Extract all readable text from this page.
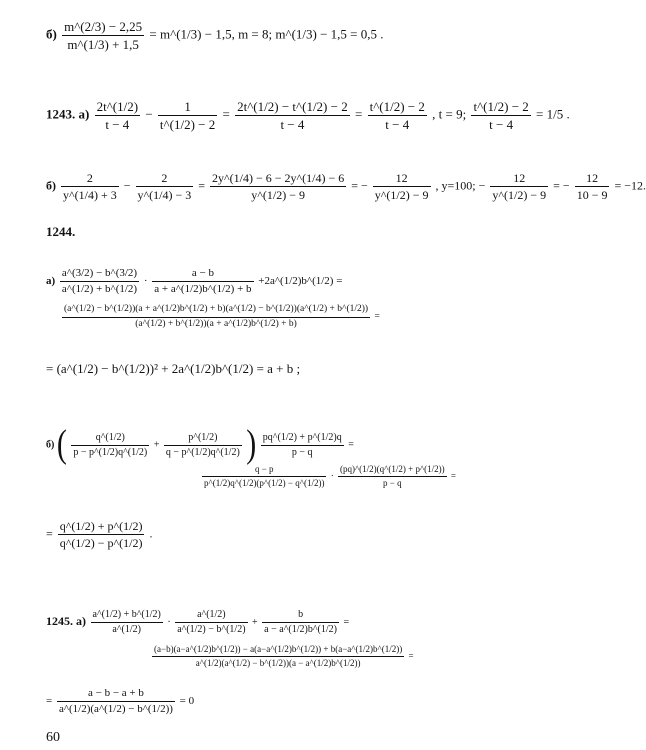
$б) \frac{m\^{}(2/3) - 2,25}{m\^{}(1/3) + 1,5}$ = m^(1/3) − 1,5, m = 8; m^(1/3) − 1,5 = 0,5 .
1243. $а) \frac{2t\^{}(1/2)}{t - 4} - \frac{1}{t\^{}(1/2) - 2} = \frac{2t\^{}(1/2) - t\^{}(1/2) - 2}{t - 4} = \frac{t\^{}(1/2) - 2}{t - 4}$ , t = 9; $\frac{t\^{}(1/2) - 2}{t - 4} = 1/5$ .
$б) \frac{2}{y\^{}(1/4) + 3} - \frac{2}{y\^{}(1/4) - 3} = \frac{2y\^{}(1/4) - 6 - 2y\^{}(1/4) - 6}{y\^{}(1/2) - 9}$ = − $\frac{12}{y\^{}(1/2) - 9}$ , y=100; − $\frac{12}{y\^{}(1/2) - 9}$ = − $\frac{12}{10 - 9} = -12$.
1244.
$а) \frac{a\^{}(3/2) - b\^{}(3/2)}{a\^{}(1/2) + b\^{}(1/2)} \cdot \frac{a - b}{a + a\^{}(1/2)b\^{}(1/2) + b}$ +2a^(1/2)b^(1/2) =
(a^(1/2) − b^(1/2))(a + a^(1/2)b^(1/2) + b)(a^(1/2) − b^(1/2))(a^(1/2) + b^(1/2))
(a^(1/2) + b^(1/2))(a + a^(1/2)b^(1/2) + b)
=
= (a^(1/2) − b^(1/2))² + 2a^(1/2)b^(1/2) = a + b ;
б) ( $\frac{q\^{}(1/2)}{p - p\^{}(1/2)q\^{}(1/2)} + \frac{p\^{}(1/2)}{q - p\^{}(1/2)q\^{}(1/2)}$ ) $\frac{pq\^{}(1/2) + p\^{}(1/2)q}{p - q}$ =
$\frac{q - p}{p\^{}(1/2)q\^{}(1/2)(p\^{}(1/2) - q\^{}(1/2))} \cdot \frac{(pq)\^{}(1/2)(q\^{}(1/2) + p\^{}(1/2))}{p - q}$ =
= $\frac{q\^{}(1/2) + p\^{}(1/2)}{q\^{}(1/2) - p\^{}(1/2)}$ .
1245. $а) \frac{a\^{}(1/2) + b\^{}(1/2)}{a\^{}(1/2)} \cdot \frac{a\^{}(1/2)}{a\^{}(1/2) - b\^{}(1/2)} + \frac{b}{a - a\^{}(1/2)b\^{}(1/2)}$ =
(a−b)(a−a^(1/2)b^(1/2)) − a(a−a^(1/2)b^(1/2)) + b(a−a^(1/2)b^(1/2))
a^(1/2)(a^(1/2) − b^(1/2))(a − a^(1/2)b^(1/2))
=
= $\frac{a - b - a + b}{a\^{}(1/2)(a\^{}(1/2) - b\^{}(1/2))} = 0$
60
